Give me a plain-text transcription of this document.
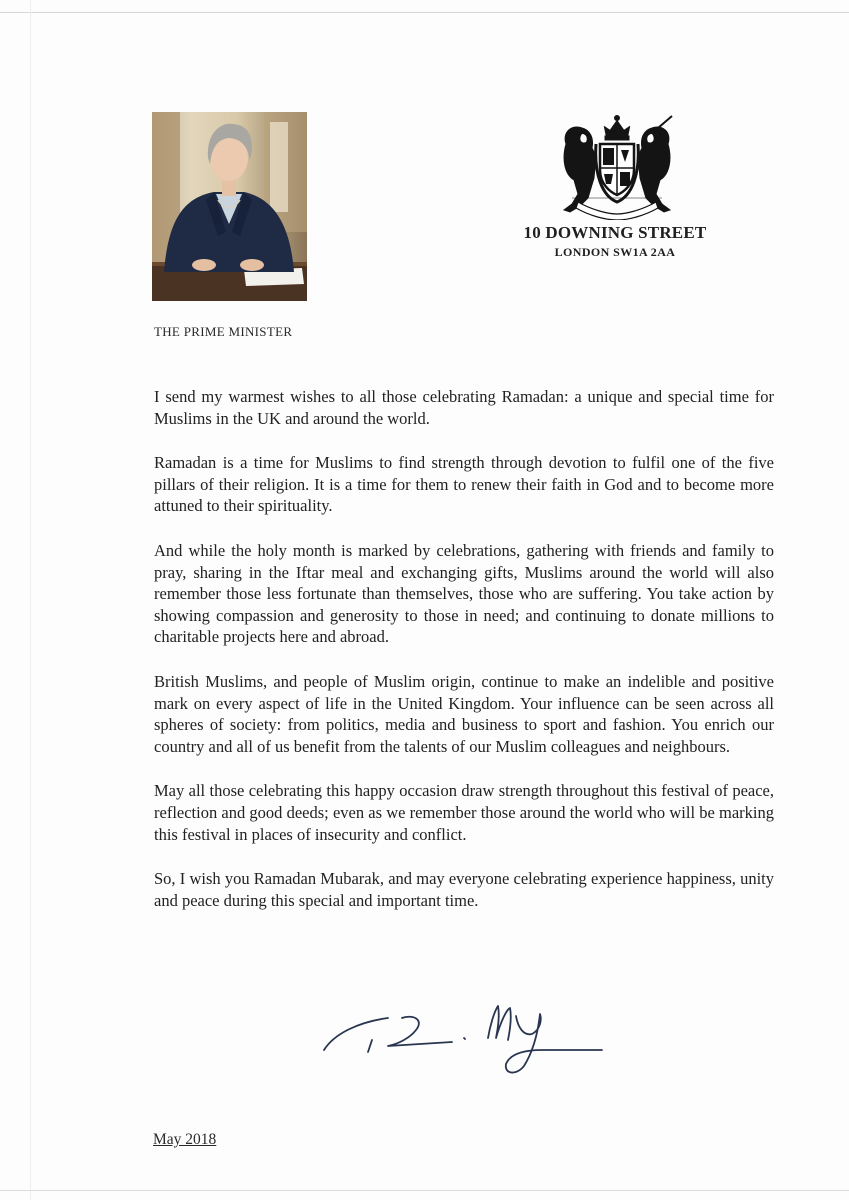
10 DOWNING STREET
LONDON SW1A 2AA
THE PRIME MINISTER

I send my warmest wishes to all those celebrating Ramadan: a unique and special time for Muslims in the UK and around the world.

Ramadan is a time for Muslims to find strength through devotion to fulfil one of the five pillars of their religion. It is a time for them to renew their faith in God and to become more attuned to their spirituality.

And while the holy month is marked by celebrations, gathering with friends and family to pray, sharing in the Iftar meal and exchanging gifts, Muslims around the world will also remember those less fortunate than themselves, those who are suffering. You take action by showing compassion and generosity to those in need; and continuing to donate millions to charitable projects here and abroad.

British Muslims, and people of Muslim origin, continue to make an indelible and positive mark on every aspect of life in the United Kingdom. Your influence can be seen across all spheres of society: from politics, media and business to sport and fashion. You enrich our country and all of us benefit from the talents of our Muslim colleagues and neighbours.

May all those celebrating this happy occasion draw strength throughout this festival of peace, reflection and good deeds; even as we remember those around the world who will be marking this festival in places of insecurity and conflict.

So, I wish you Ramadan Mubarak, and may everyone celebrating experience happiness, unity and peace during this special and important time.

May 2018
